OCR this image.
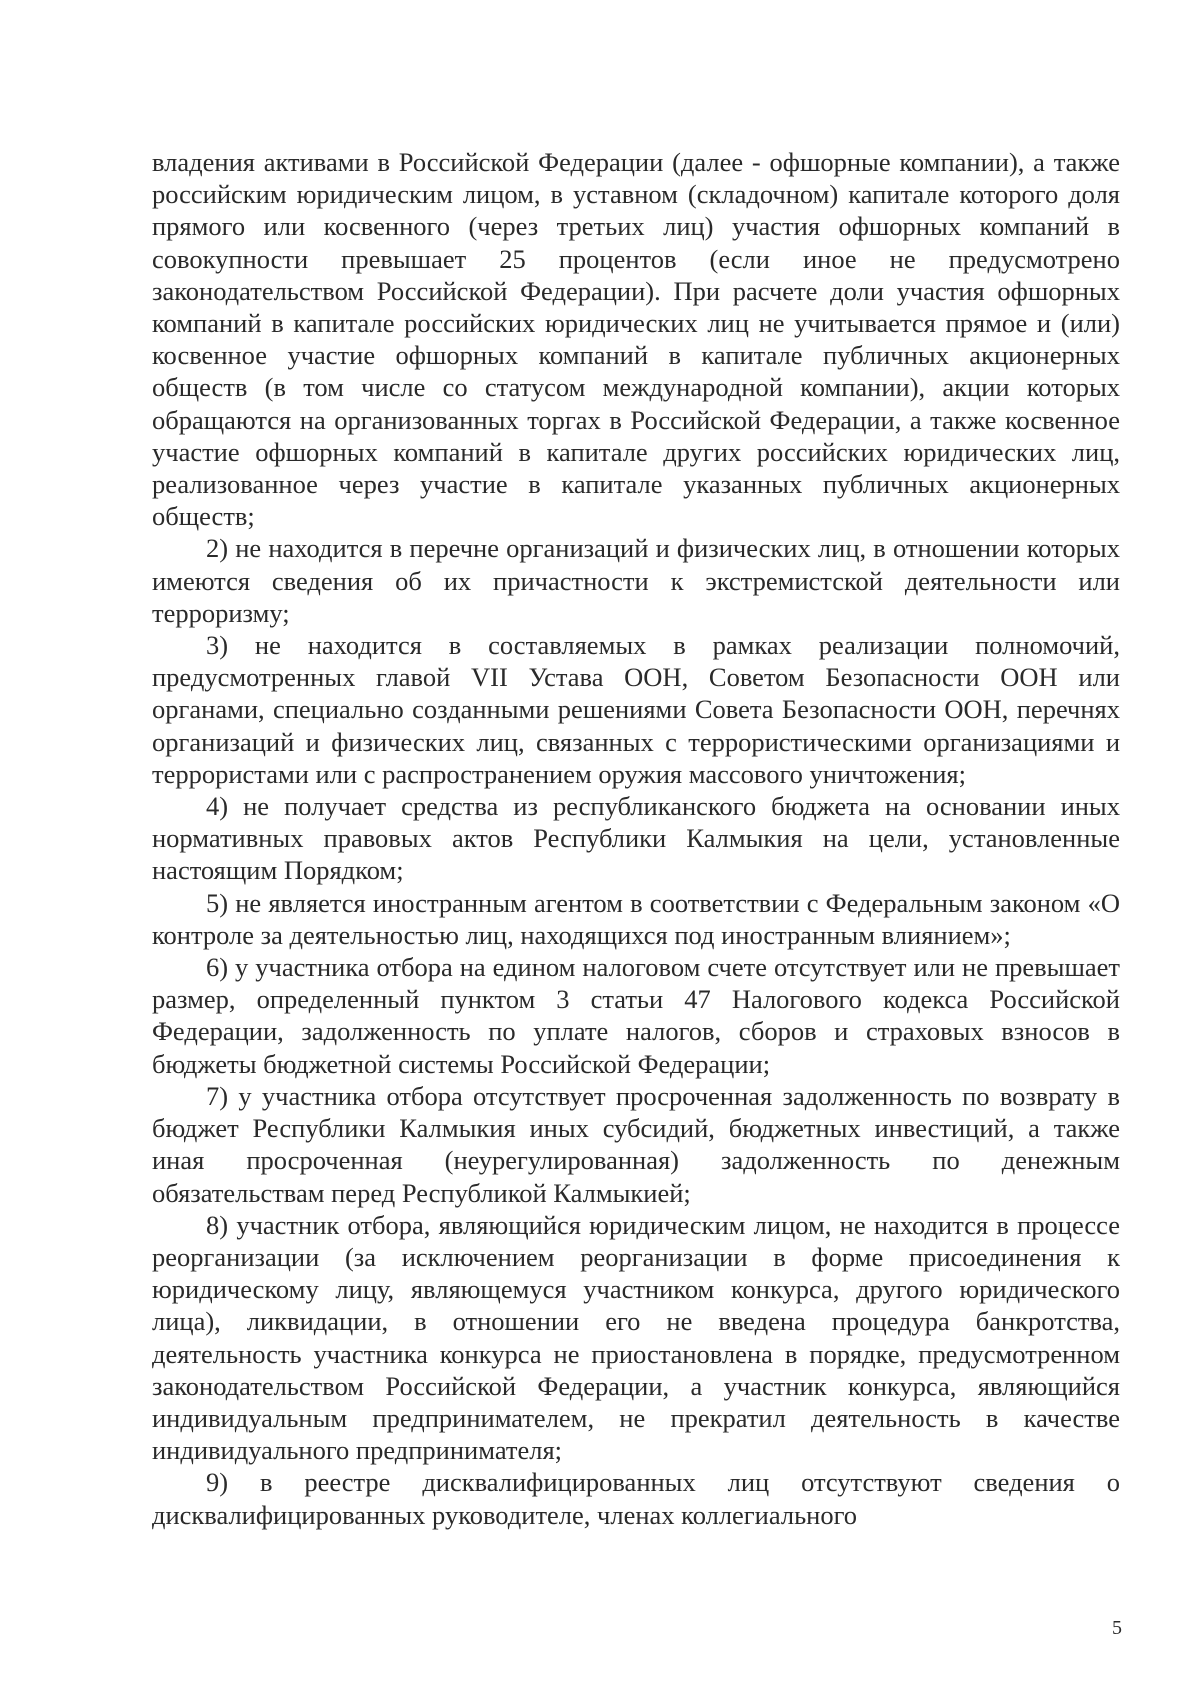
владения активами в Российской Федерации (далее - офшорные компании), а также российским юридическим лицом, в уставном (складочном) капитале которого доля прямого или косвенного (через третьих лиц) участия офшорных компаний в совокупности превышает 25 процентов (если иное не предусмотрено законодательством Российской Федерации). При расчете доли участия офшорных компаний в капитале российских юридических лиц не учитывается прямое и (или) косвенное участие офшорных компаний в капитале публичных акционерных обществ (в том числе со статусом международной компании), акции которых обращаются на организованных торгах в Российской Федерации, а также косвенное участие офшорных компаний в капитале других российских юридических лиц, реализованное через участие в капитале указанных публичных акционерных обществ;

2) не находится в перечне организаций и физических лиц, в отношении которых имеются сведения об их причастности к экстремистской деятельности или терроризму;

3) не находится в составляемых в рамках реализации полномочий, предусмотренных главой VII Устава ООН, Советом Безопасности ООН или органами, специально созданными решениями Совета Безопасности ООН, перечнях организаций и физических лиц, связанных с террористическими организациями и террористами или с распространением оружия массового уничтожения;

4) не получает средства из республиканского бюджета на основании иных нормативных правовых актов Республики Калмыкия на цели, установленные настоящим Порядком;

5) не является иностранным агентом в соответствии с Федеральным законом «О контроле за деятельностью лиц, находящихся под иностранным влиянием»;

6) у участника отбора на едином налоговом счете отсутствует или не превышает размер, определенный пунктом 3 статьи 47 Налогового кодекса Российской Федерации, задолженность по уплате налогов, сборов и страховых взносов в бюджеты бюджетной системы Российской Федерации;

7) у участника отбора отсутствует просроченная задолженность по возврату в бюджет Республики Калмыкия иных субсидий, бюджетных инвестиций, а также иная просроченная (неурегулированная) задолженность по денежным обязательствам перед Республикой Калмыкией;

8) участник отбора, являющийся юридическим лицом, не находится в процессе реорганизации (за исключением реорганизации в форме присоединения к юридическому лицу, являющемуся участником конкурса, другого юридического лица), ликвидации, в отношении его не введена процедура банкротства, деятельность участника конкурса не приостановлена в порядке, предусмотренном законодательством Российской Федерации, а участник конкурса, являющийся индивидуальным предпринимателем, не прекратил деятельность в качестве индивидуального предпринимателя;

9) в реестре дисквалифицированных лиц отсутствуют сведения о дисквалифицированных руководителе, членах коллегиального

5
